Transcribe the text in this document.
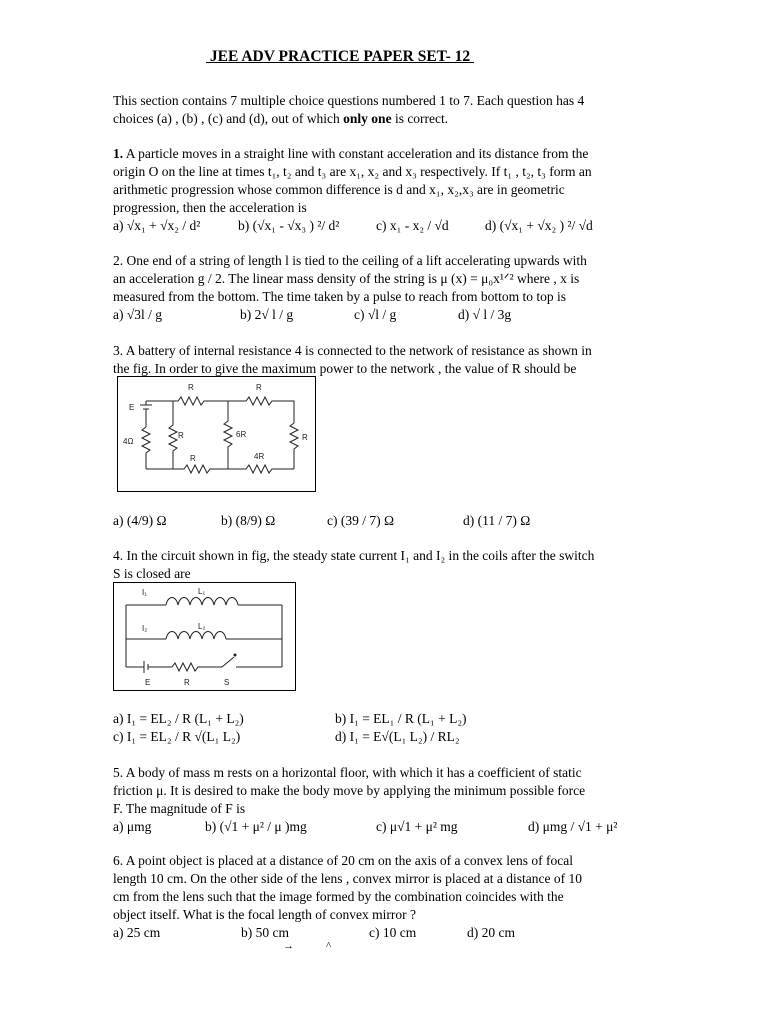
JEE ADV PRACTICE PAPER SET- 12
This section contains 7 multiple choice questions numbered 1 to 7. Each question has 4
choices (a) , (b) , (c) and (d), out of which only one is correct.
1. A particle moves in a straight line with constant acceleration and its distance from the
origin O on the line at times t₁, t₂ and t₃ are x₁, x₂ and x₃ respectively. If t₁ , t₂, t₃ form an
arithmetic progression whose common difference is d and x₁, x₂,x₃ are in geometric
progression, then the acceleration is
a) √x₁ + √x₂ / d²	b) (√x₁ - √x₃ ) ²/ d²	c) x₁ - x₂ / √d	d) (√x₁ + √x₂ ) ²/ √d
2. One end of a string of length l is tied to the ceiling of a lift accelerating upwards with
an acceleration g / 2. The linear mass density of the string is μ (x) = μ₀x¹ᐟ² where , x is
measured from the bottom. The time taken by a pulse to reach from bottom to top is
a) √3l / g	b) 2√ l / g	c) √l / g	d) √ l / 3g
3. A battery of internal resistance 4 is connected to the network of resistance as shown in
the fig. In order to give the maximum power to the network , the value of R should be
R	R
E
4Ω
R	6R	R
R	4R
a) (4/9) Ω	b) (8/9) Ω	c) (39 / 7) Ω	d) (11 / 7) Ω
4. In the circuit shown in fig, the steady state current I₁ and I₂ in the coils after the switch
S is closed are
I₁	L₁
I₂	L₂
E	R	S
a) I₁ = EL₂ / R (L₁ + L₂)	b) I₁ = EL₁ / R (L₁ + L₂)
c) I₁ = EL₂ / R √(L₁ L₂)	d) I₁ = E√(L₁ L₂) / RL₂
5. A body of mass m rests on a horizontal floor, with which it has a coefficient of static
friction μ. It is desired to make the body move by applying the minimum possible force
F. The magnitude of F is
a) μmg	b) (√1 + μ² / μ )mg	c) μ√1 + μ² mg	d) μmg / √1 + μ²
6. A point object is placed at a distance of 20 cm on the axis of a convex lens of focal
length 10 cm. On the other side of the lens , convex mirror is placed at a distance of 10
cm from the lens such that the image formed by the combination coincides with the
object itself. What is the focal length of convex mirror ?
a) 25 cm	b) 50 cm	c) 10 cm	d) 20 cm
→	^
